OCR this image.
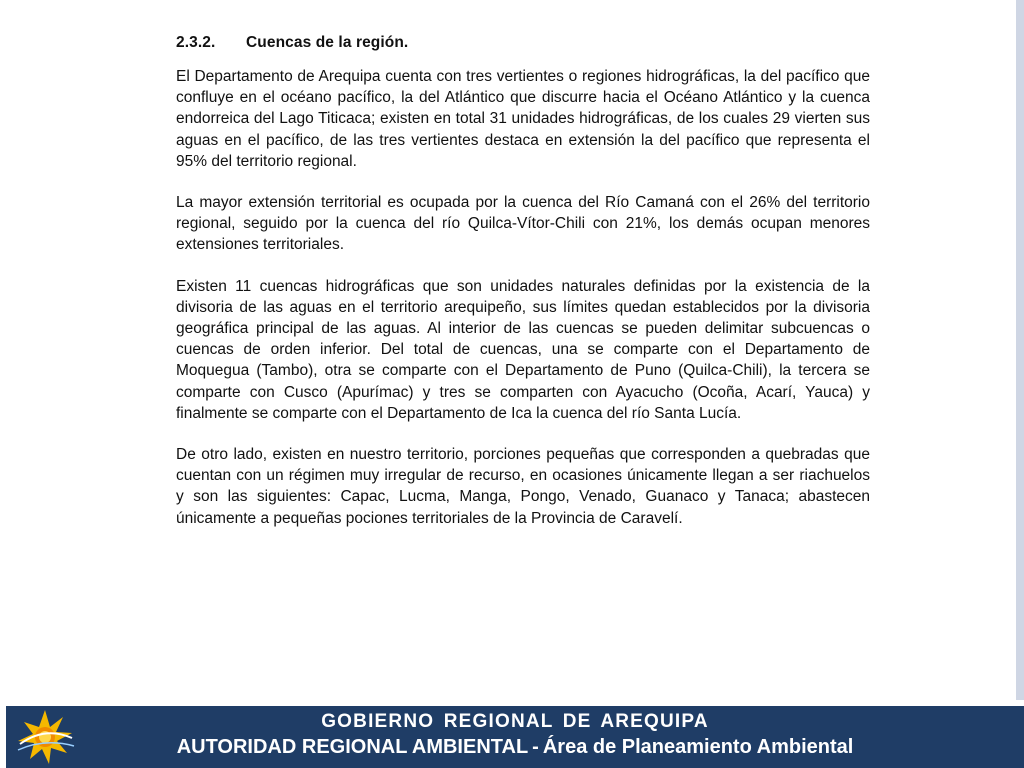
2.3.2. Cuencas de la región.

El Departamento de Arequipa cuenta con tres vertientes o regiones hidrográficas, la del pacífico que confluye en el océano pacífico, la del Atlántico que discurre hacia el Océano Atlántico y la cuenca endorreica del Lago Titicaca; existen en total 31 unidades hidrográficas, de los cuales 29 vierten sus aguas en el pacífico, de las tres vertientes destaca en extensión la del pacífico que representa el 95% del territorio regional.

La mayor extensión territorial es ocupada por la cuenca del Río Camaná con el 26% del territorio regional, seguido por la cuenca del río Quilca-Vítor-Chili con 21%, los demás ocupan menores extensiones territoriales.

Existen 11 cuencas hidrográficas que son unidades naturales definidas por la existencia de la divisoria de las aguas en el territorio arequipeño, sus límites quedan establecidos por la divisoria geográfica principal de las aguas. Al interior de las cuencas se pueden delimitar subcuencas o cuencas de orden inferior. Del total de cuencas, una se comparte con el Departamento de Moquegua (Tambo), otra se comparte con el Departamento de Puno (Quilca-Chili), la tercera se comparte con Cusco (Apurímac) y tres se comparten con Ayacucho (Ocoña, Acarí, Yauca) y finalmente se comparte con el Departamento de Ica la cuenca del río Santa Lucía.

De otro lado, existen en nuestro territorio, porciones pequeñas que corresponden a quebradas que cuentan con un régimen muy irregular de recurso, en ocasiones únicamente llegan a ser riachuelos y son las siguientes: Capac, Lucma, Manga, Pongo, Venado, Guanaco y Tanaca; abastecen únicamente a pequeñas pociones territoriales de la Provincia de Caravelí.

GOBIERNO REGIONAL DE AREQUIPA
AUTORIDAD REGIONAL AMBIENTAL - Área de Planeamiento Ambiental
